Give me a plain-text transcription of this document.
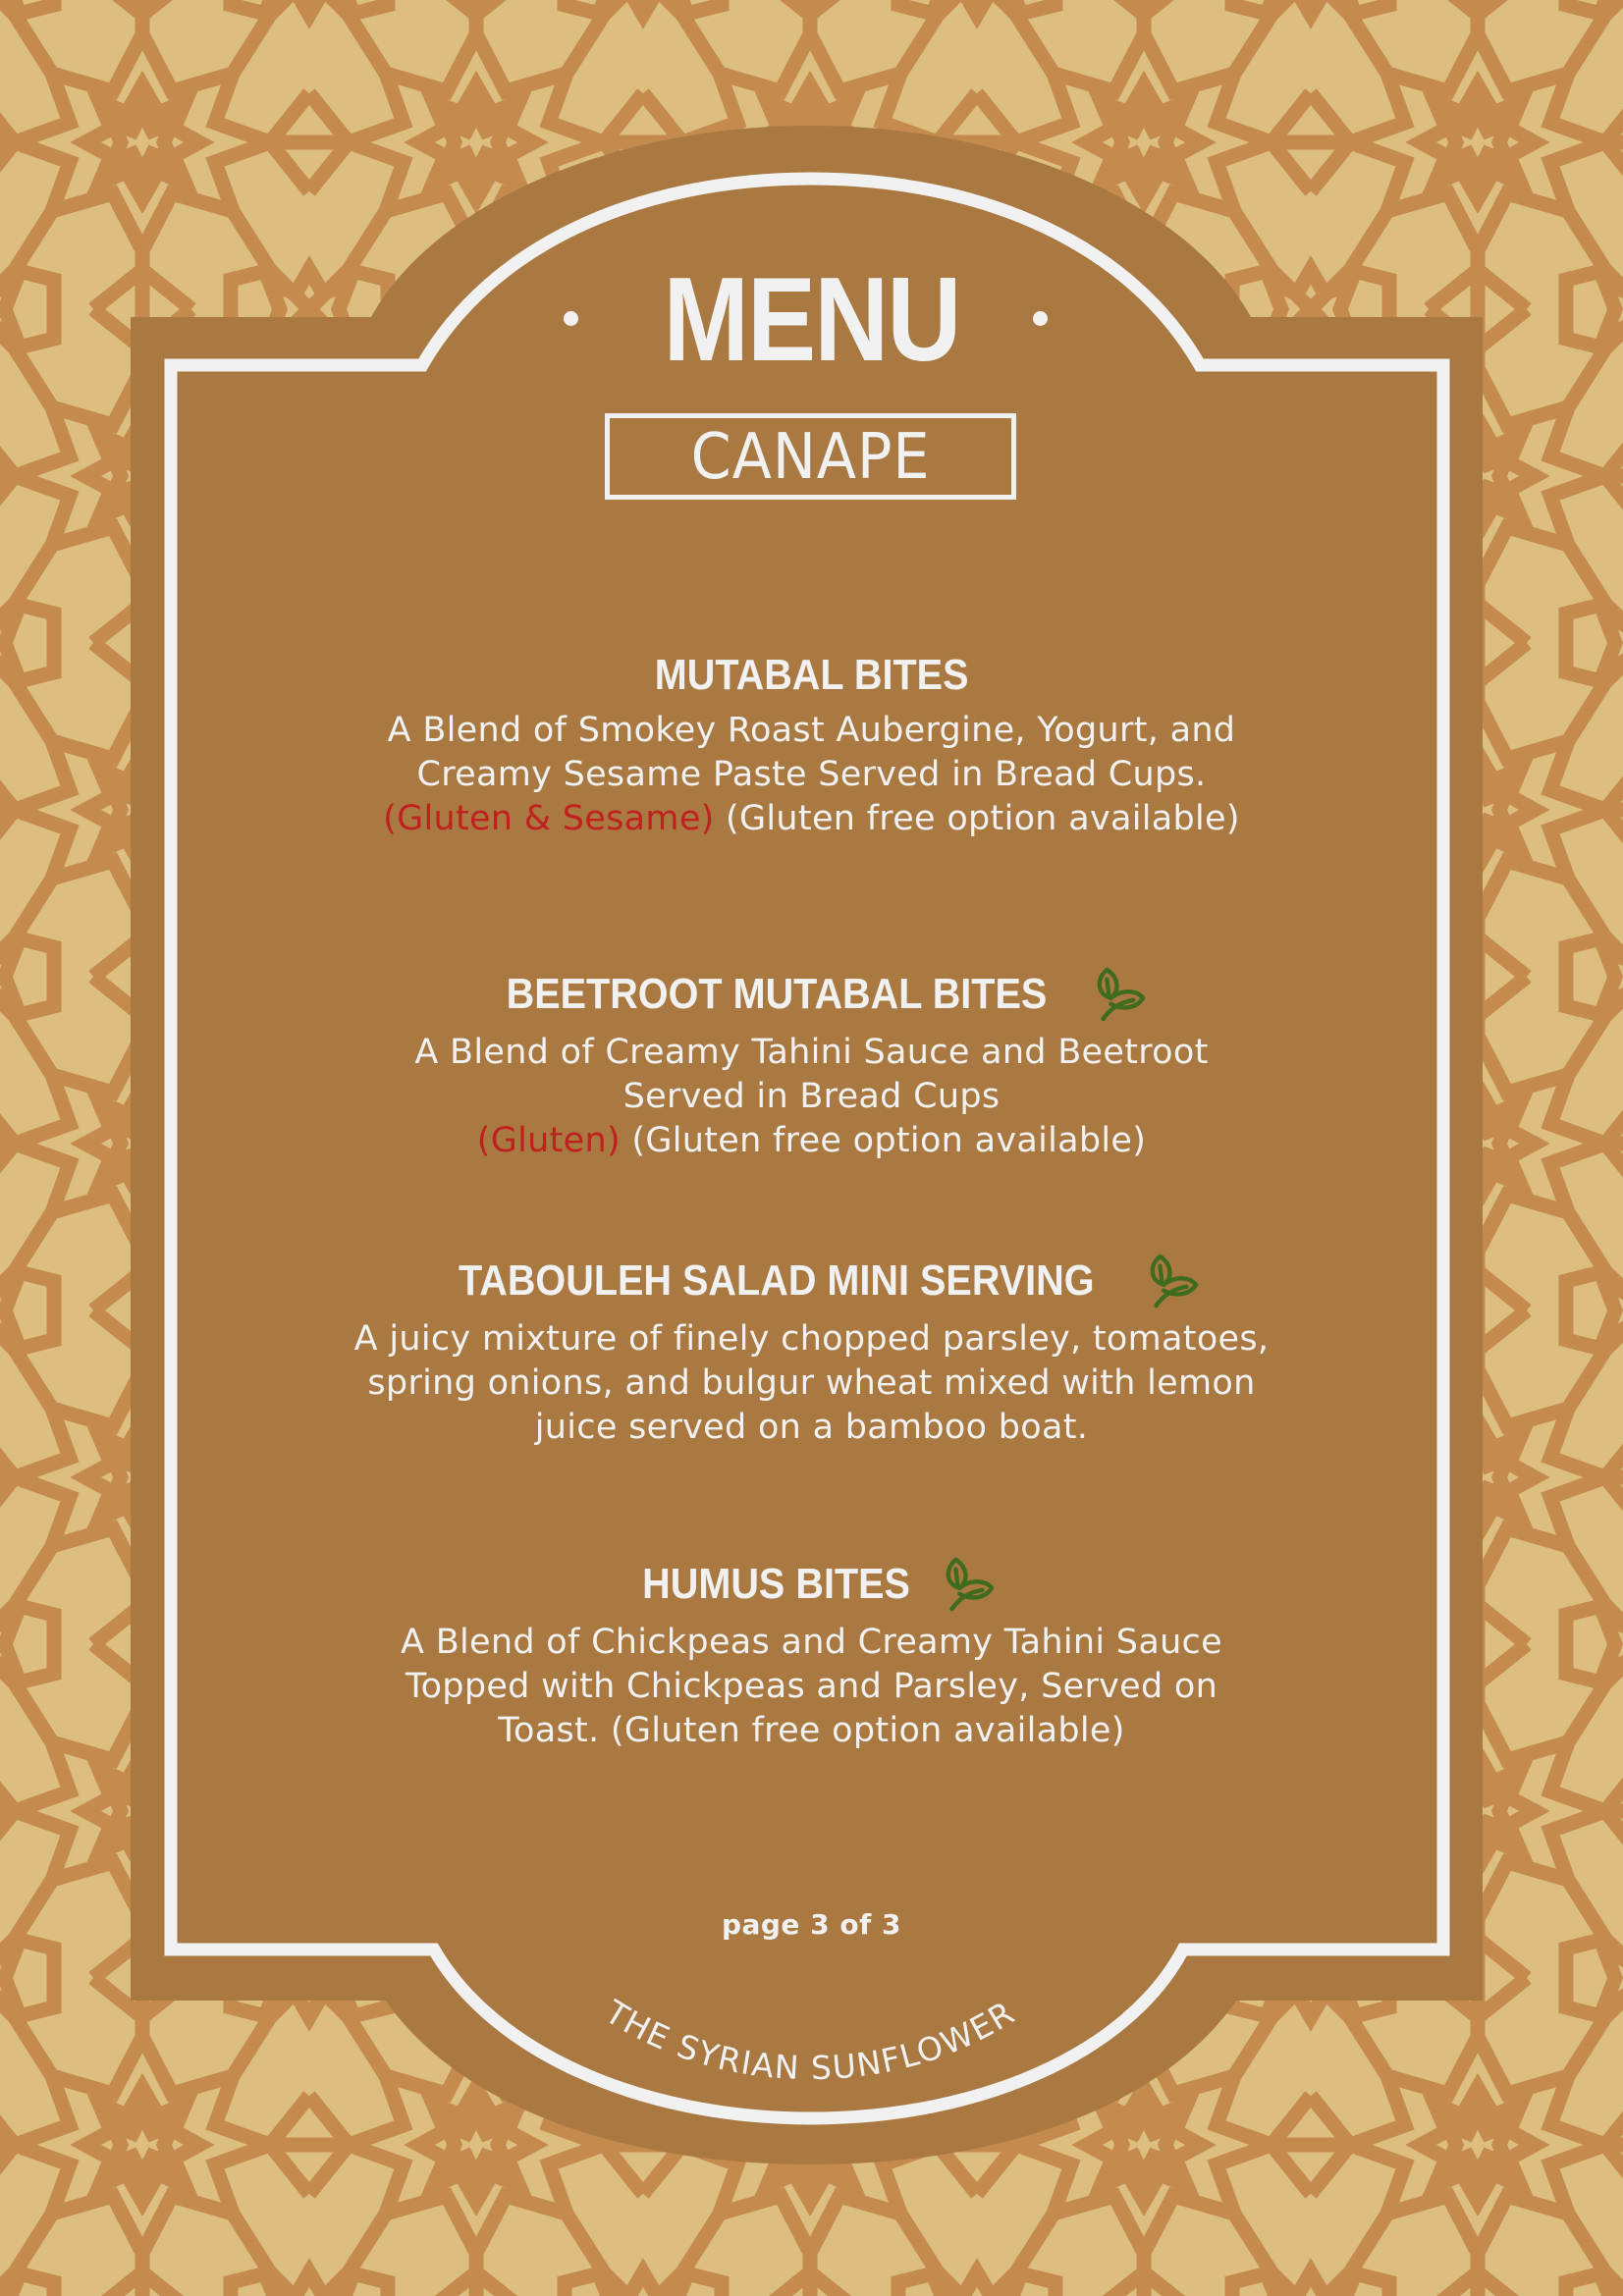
MENU
CANAPE
MUTABAL BITES
A Blend of Smokey Roast Aubergine, Yogurt, and
Creamy Sesame Paste Served in Bread Cups.
(Gluten & Sesame) (Gluten free option available)
BEETROOT MUTABAL BITES
A Blend of Creamy Tahini Sauce and Beetroot
Served in Bread Cups
(Gluten) (Gluten free option available)
TABOULEH SALAD MINI SERVING
A juicy mixture of finely chopped parsley, tomatoes,
spring onions, and bulgur wheat mixed with lemon
juice served on a bamboo boat.
HUMUS BITES
A Blend of Chickpeas and Creamy Tahini Sauce
Topped with Chickpeas and Parsley, Served on
Toast. (Gluten free option available)
page 3 of 3
THE SYRIAN SUNFLOWER
